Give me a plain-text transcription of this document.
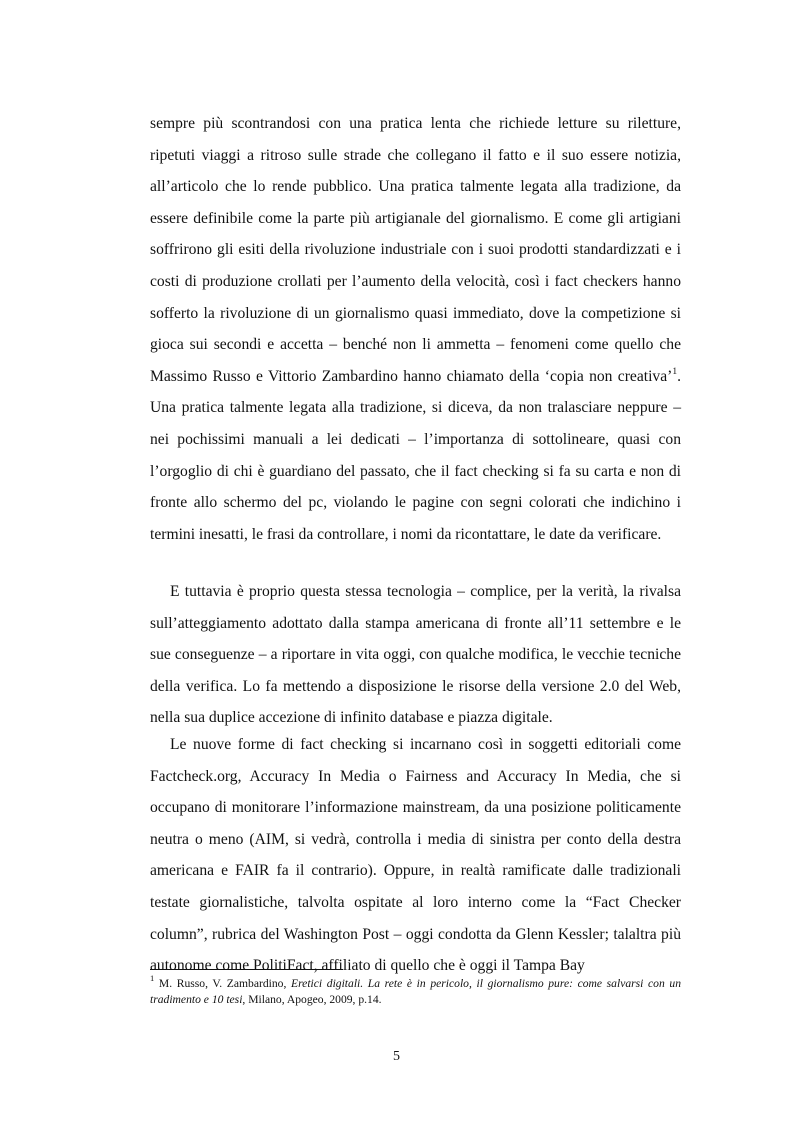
sempre più scontrandosi con una pratica lenta che richiede letture su riletture, ripetuti viaggi a ritroso sulle strade che collegano il fatto e il suo essere notizia, all’articolo che lo rende pubblico. Una pratica talmente legata alla tradizione, da essere definibile come la parte più artigianale del giornalismo. E come gli artigiani soffrirono gli esiti della rivoluzione industriale con i suoi prodotti standardizzati e i costi di produzione crollati per l’aumento della velocità, così i fact checkers hanno sofferto la rivoluzione di un giornalismo quasi immediato, dove la competizione si gioca sui secondi e accetta – benché non li ammetta – fenomeni come quello che Massimo Russo e Vittorio Zambardino hanno chiamato della ‘copia non creativa’$^1$. Una pratica talmente legata alla tradizione, si diceva, da non tralasciare neppure – nei pochissimi manuali a lei dedicati – l’importanza di sottolineare, quasi con l’orgoglio di chi è guardiano del passato, che il fact checking si fa su carta e non di fronte allo schermo del pc, violando le pagine con segni colorati che indichino i termini inesatti, le frasi da controllare, i nomi da ricontattare, le date da verificare.

E tuttavia è proprio questa stessa tecnologia – complice, per la verità, la rivalsa sull’atteggiamento adottato dalla stampa americana di fronte all’11 settembre e le sue conseguenze – a riportare in vita oggi, con qualche modifica, le vecchie tecniche della verifica. Lo fa mettendo a disposizione le risorse della versione 2.0 del Web, nella sua duplice accezione di infinito database e piazza digitale.

Le nuove forme di fact checking si incarnano così in soggetti editoriali come Factcheck.org, Accuracy In Media o Fairness and Accuracy In Media, che si occupano di monitorare l’informazione mainstream, da una posizione politicamente neutra o meno (AIM, si vedrà, controlla i media di sinistra per conto della destra americana e FAIR fa il contrario). Oppure, in realtà ramificate dalle tradizionali testate giornalistiche, talvolta ospitate al loro interno come la “Fact Checker column”, rubrica del Washington Post – oggi condotta da Glenn Kessler; talaltra più autonome come PolitiFact, affiliato di quello che è oggi il Tampa Bay

$^1$ M. Russo, V. Zambardino, Eretici digitali. La rete è in pericolo, il giornalismo pure: come salvarsi con un tradimento e 10 tesi, Milano, Apogeo, 2009, p.14.

5
